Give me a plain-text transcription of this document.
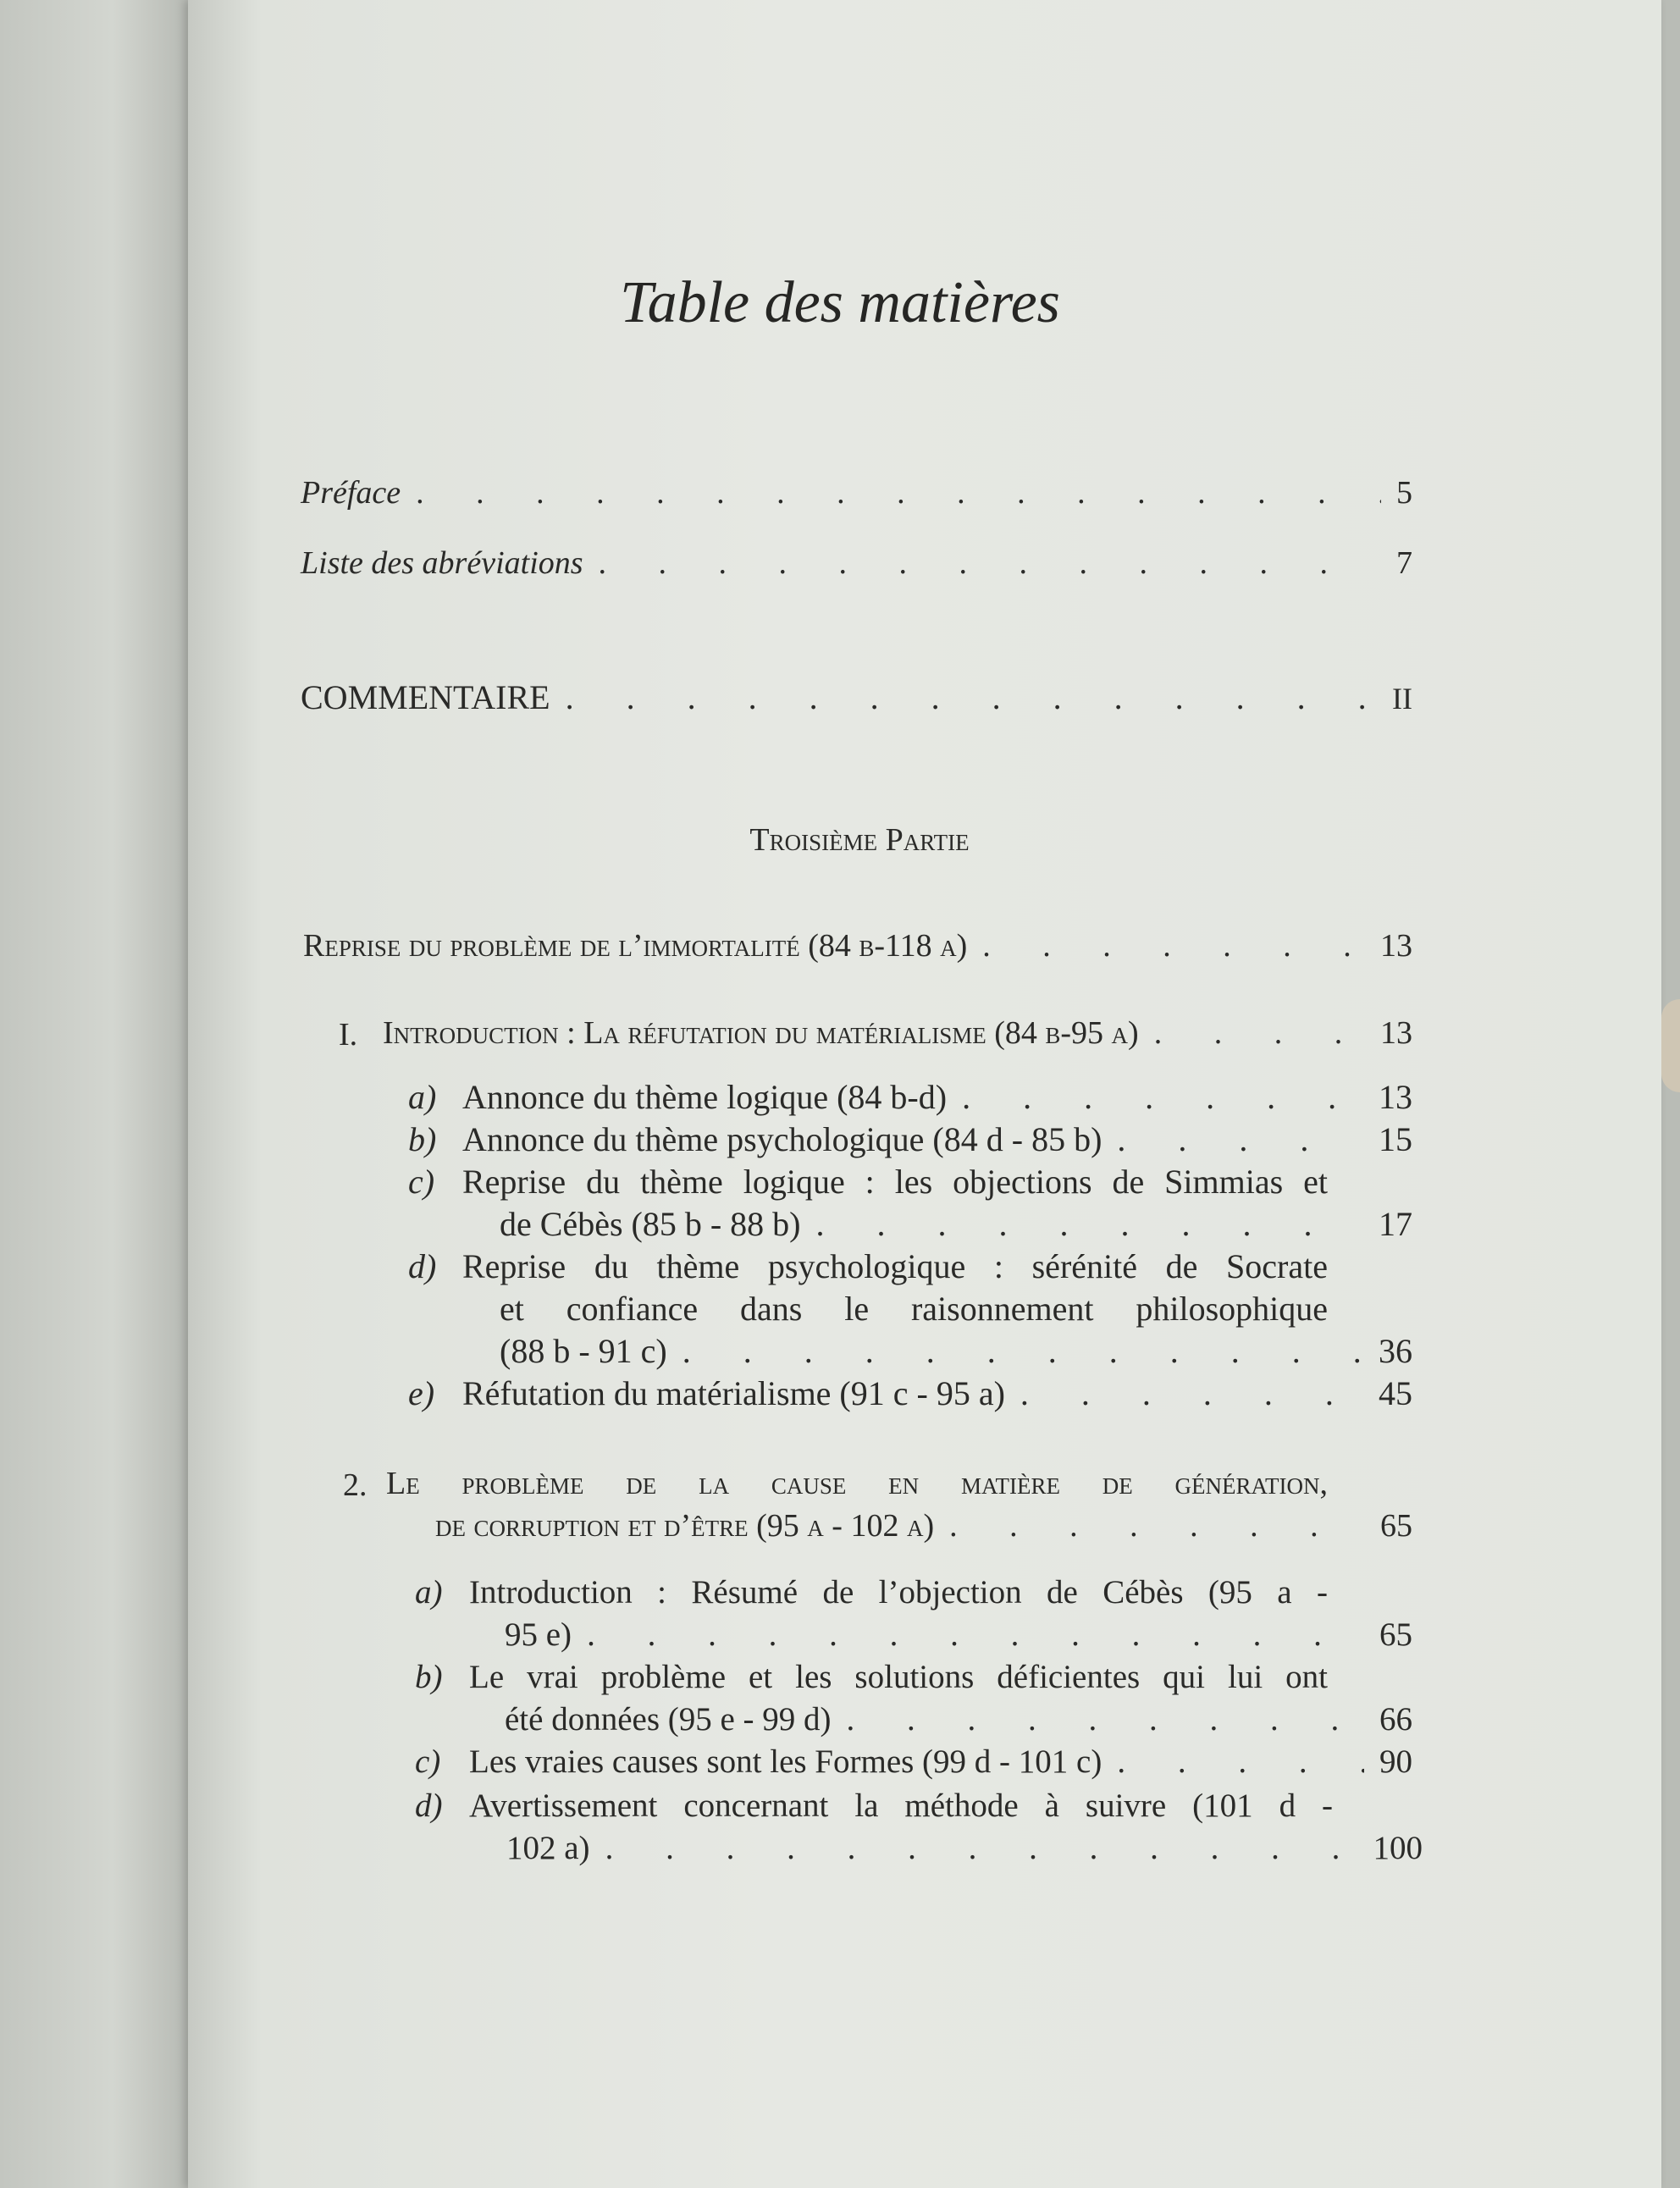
Table des matières
Préface . . .	5
Liste des abréviations . . .	7
COMMENTAIRE . . .	II
Troisième Partie
Reprise du problème de l’immortalité (84 b-118 a) . . .	13
I. Introduction : La réfutation du matérialisme (84 b-95 a) . . .	13
a) Annonce du thème logique (84 b-d) . . .	13
b) Annonce du thème psychologique (84 d - 85 b) . . .	15
c) Reprise du thème logique : les objections de Simmias et
de Cébès (85 b - 88 b) . . .	17
d) Reprise du thème psychologique : sérénité de Socrate
et confiance dans le raisonnement philosophique
(88 b - 91 c) . . .	36
e) Réfutation du matérialisme (91 c - 95 a) . . .	45
2. Le problème de la cause en matière de génération,
de corruption et d’être (95 a - 102 a) . . .	65
a) Introduction : Résumé de l’objection de Cébès (95 a -
95 e) . . .	65
b) Le vrai problème et les solutions déficientes qui lui ont
été données (95 e - 99 d) . . .	66
c) Les vraies causes sont les Formes (99 d - 101 c) . . .	90
d) Avertissement concernant la méthode à suivre (101 d -
102 a) . . .	100
